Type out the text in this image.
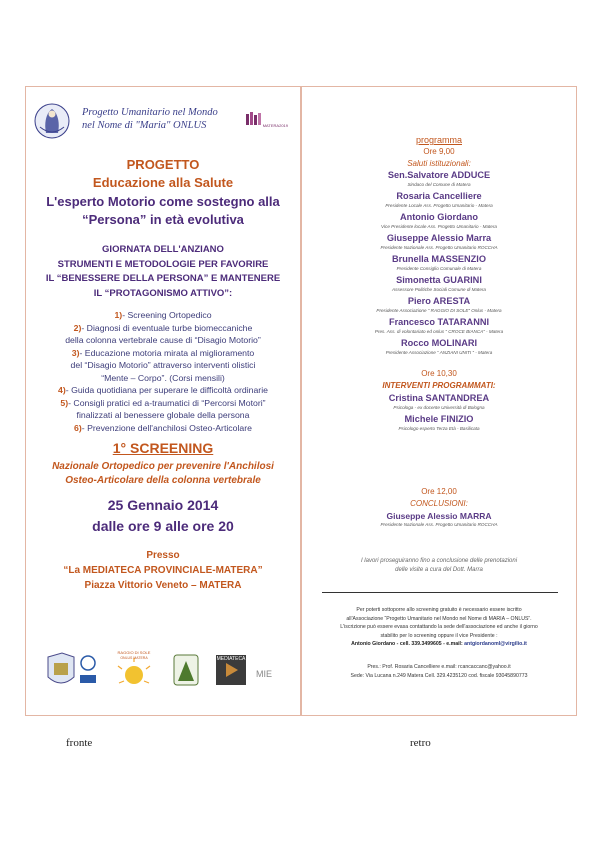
Progetto Umanitario nel Mondo
nel Nome di "Maria" ONLUS	MATERA2019
PROGETTO
Educazione alla Salute
L'esperto Motorio come sostegno alla
“Persona” in età evolutiva
GIORNATA DELL'ANZIANO
STRUMENTI E METODOLOGIE PER FAVORIRE
IL “BENESSERE DELLA PERSONA” E MANTENERE
IL “PROTAGONISMO ATTIVO”:
1)- Screening Ortopedico
2)- Diagnosi di eventuale turbe biomeccaniche
della colonna vertebrale cause di “Disagio Motorio”
3)- Educazione motoria mirata al miglioramento
del “Disagio Motorio” attraverso interventi olistici
“Mente – Corpo”. (Corsi mensili)
4)- Guida quotidiana per superare le difficoltà ordinarie
5)- Consigli pratici ed a-traumatici di “Percorsi Motori”
finalizzati al benessere globale della persona
6)- Prevenzione dell'anchilosi Osteo-Articolare
1° SCREENING
Nazionale Ortopedico per prevenire l'Anchilosi
Osteo-Articolare della colonna vertebrale
25 Gennaio 2014
dalle ore 9 alle ore 20
Presso
“La MEDIATECA PROVINCIALE-MATERA”
Piazza Vittorio Veneto – MATERA
RAGGIO DI SOLE
ONLUS MATERA	MEDIATECA
MIE
programma
Ore 9,00
Saluti istituzionali:
Sen.Salvatore ADDUCE
Sindaco del Comune di Matera
Rosaria Cancelliere
Presidente Locale Ass. Progetto Umanitario - Matera
Antonio Giordano
Vice Presidente locale Ass. Progetto Umanitario - Matera
Giuseppe Alessio Marra
Presidente Nazionale Ass. Progetto Umanitario ROCCHA
Brunella MASSENZIO
Presidente Consiglio Comunale di Matera
Simonetta GUARINI
Assessore Politiche Sociali Comune di Matera
Piero ARESTA
Presidente Associazione “ RAGGIO DI SOLE” Onlus - Matera
Francesco TATARANNI
Pres. Ass. di volontariato ed onlus “ CROCE BIANCA” - Matera
Rocco MOLINARI
Presidente Associazione “ ANZIANI UNITI ” - Matera
Ore 10,30
INTERVENTI PROGRAMMATI:
Cristina SANTANDREA
Psicologa - ex docente Università di Bologna
Michele FINIZIO
Psicologo esperto Terza Età - Basilicata
Ore 12,00
CONCLUSIONI:
Giuseppe Alessio MARRA
Presidente Nazionale Ass. Progetto Umanitario ROCCHA
I lavori proseguiranno fino a conclusione delle prenotazioni
delle visite a cura del Dott. Marra
Per poterti sottoporre allo screening gratuito è necessario essere iscritto
all'Associazione “Progetto Umanitario nel Mondo nel Nome di MARIA – ONLUS”.
L'iscrizione può essere evasa contattando la sede dell'associazione ed anche il giorno
stabilito per lo screening oppure il vice Presidente :
Antonio Giordano - cell. 339.3499605 - e.mail: antgiordanoml@virgilio.it
Pres.: Prof. Rosaria Cancelliere e.mail: rcancaccanc@yahoo.it
Sede: Via Lucana n.249 Matera Cell. 329.4235120 cod. fiscale 93045890773
fronte	retro
